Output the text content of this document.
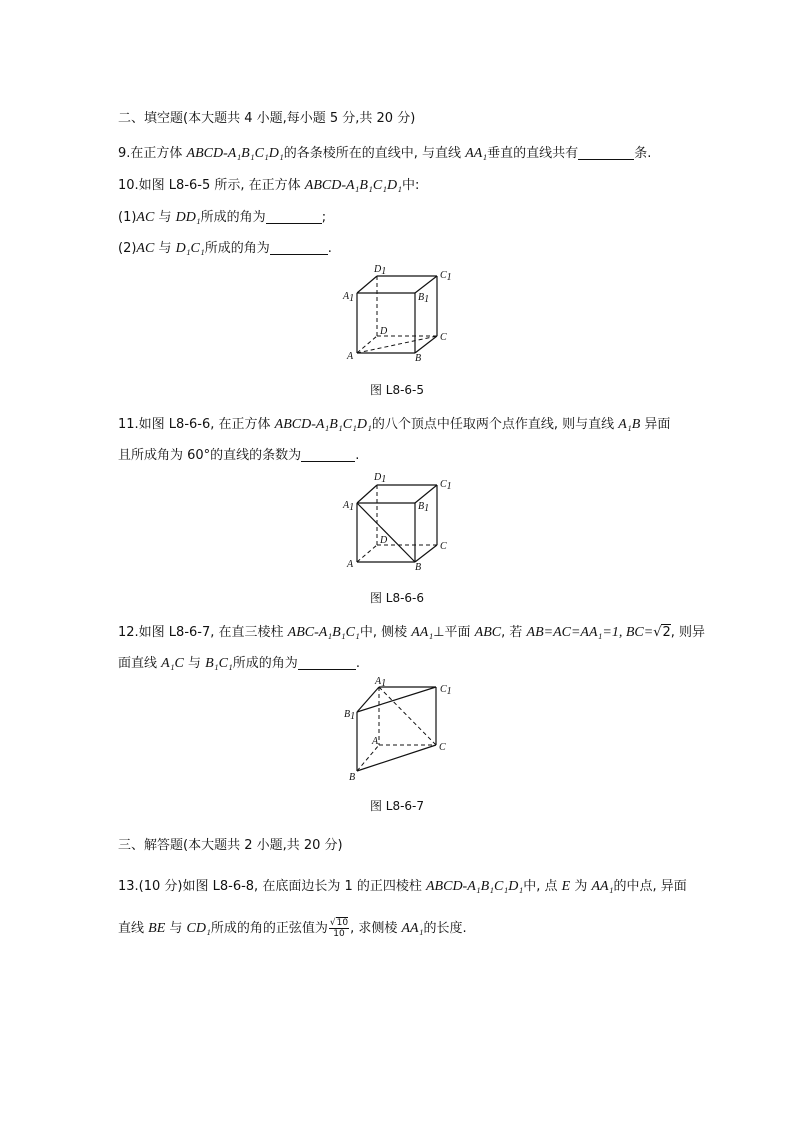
二、填空题(本大题共 4 小题,每小题 5 分,共 20 分)
9.在正方体 ABCD-A₁B₁C₁D₁的各条棱所在的直线中, 与直线 AA₁垂直的直线共有	条.
10.如图 L8-6-5 所示, 在正方体 ABCD-A₁B₁C₁D₁中:
(1)AC 与 DD₁所成的角为	;
(2)AC 与 D₁C₁所成的角为	.
D1	C1
A1	B1
D
C
A	B
图 L8-6-5
11.如图 L8-6-6, 在正方体 ABCD-A₁B₁C₁D₁的八个顶点中任取两个点作直线, 则与直线 A₁B 异面
且所成角为 60°的直线的条数为	.
D1	C1
A1	B1
D
C
A	B
图 L8-6-6
12.如图 L8-6-7, 在直三棱柱 ABC-A₁B₁C₁中, 侧棱 AA₁⊥平面 ABC, 若 AB=AC=AA₁=1, BC=√2, 则异
面直线 A₁C 与 B₁C₁所成的角为	.
A1
C1
B1
A
C
B
图 L8-6-7
三、解答题(本大题共 2 小题,共 20 分)
13.(10 分)如图 L8-6-8, 在底面边长为 1 的正四棱柱 ABCD-A₁B₁C₁D₁中, 点 E 为 AA₁的中点, 异面
直线 BE 与 CD₁所成的角的正弦值为 $\frac{√10}{10}$ , 求侧棱 AA₁的长度.
